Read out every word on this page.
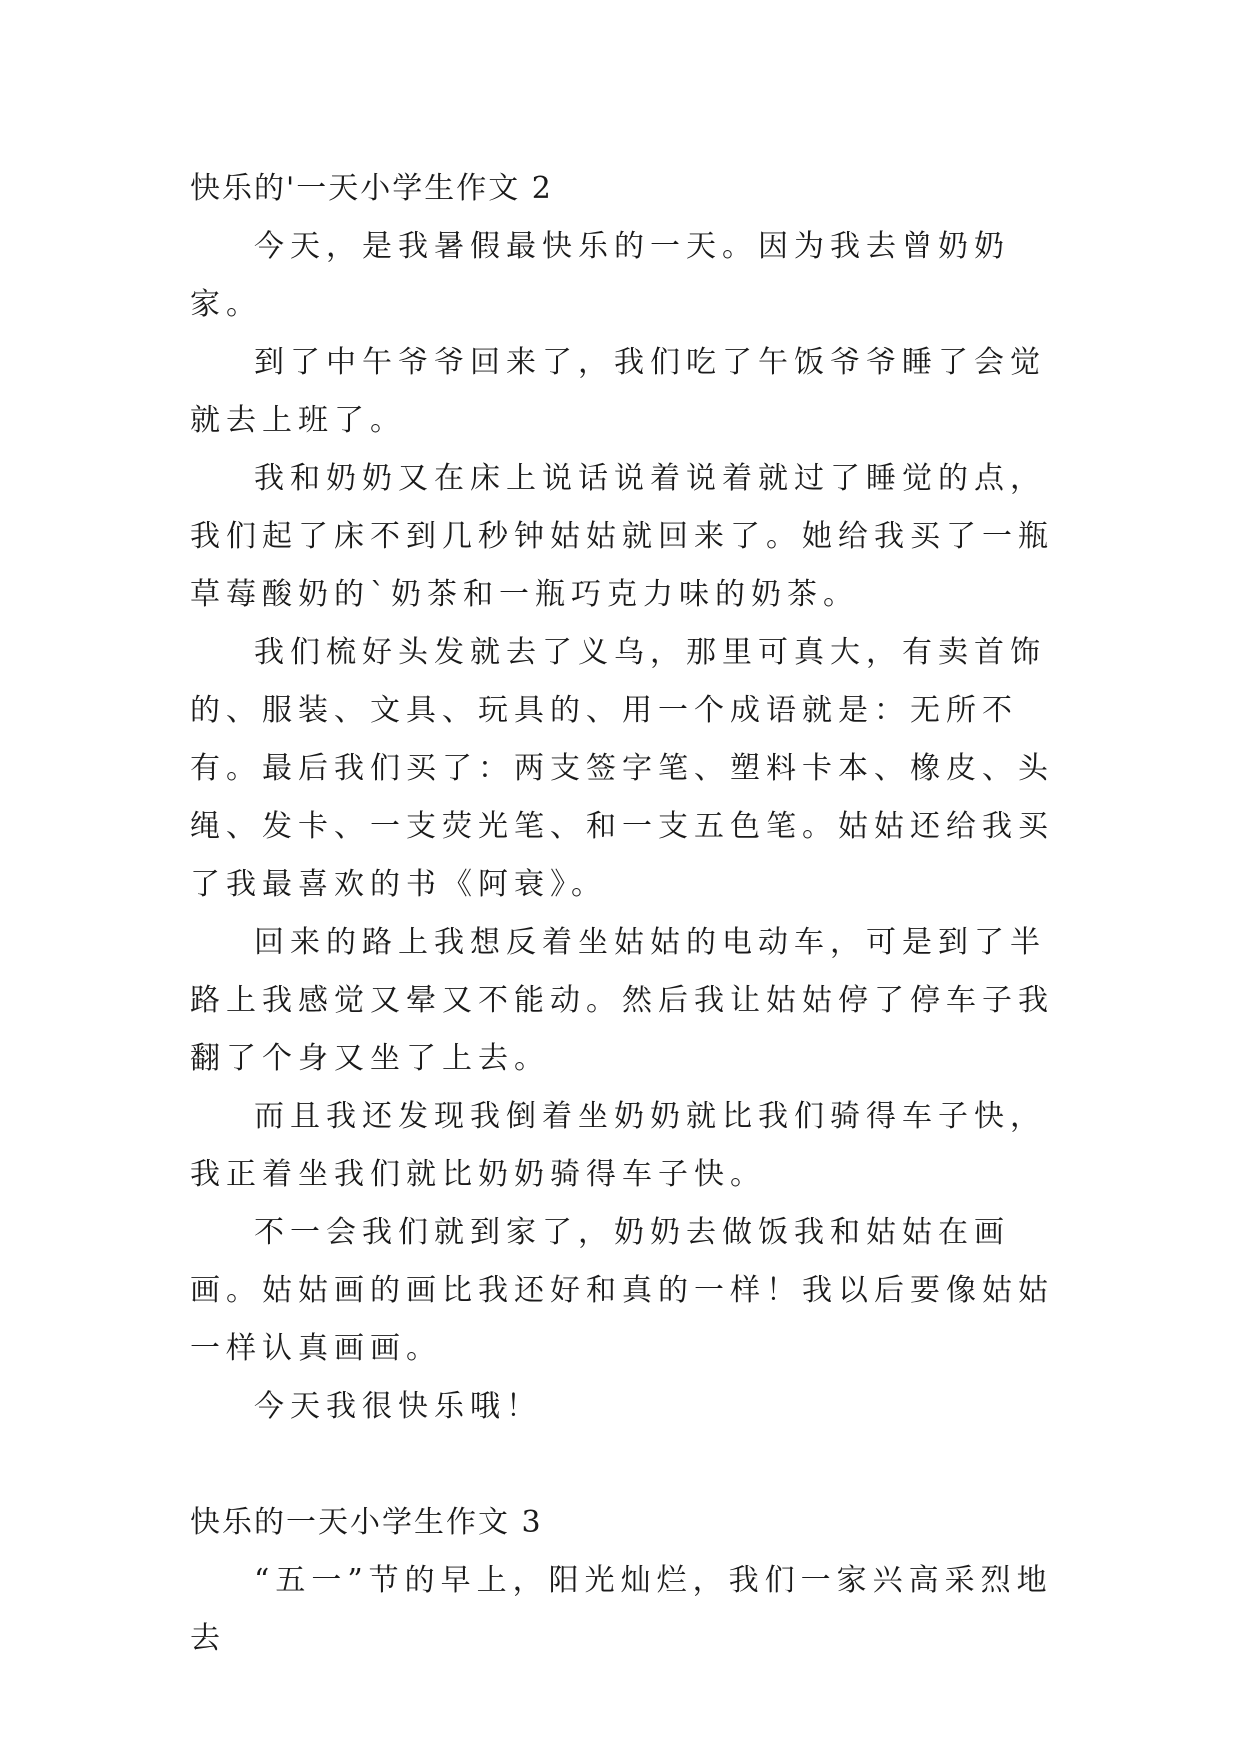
快乐的'一天小学生作文 2

今天，是我暑假最快乐的一天。因为我去曾奶奶家。

到了中午爷爷回来了，我们吃了午饭爷爷睡了会觉就去上班了。

我和奶奶又在床上说话说着说着就过了睡觉的点，我们起了床不到几秒钟姑姑就回来了。她给我买了一瓶草莓酸奶的`奶茶和一瓶巧克力味的奶茶。

我们梳好头发就去了义乌，那里可真大，有卖首饰的、服装、文具、玩具的、用一个成语就是：无所不有。最后我们买了：两支签字笔、塑料卡本、橡皮、头绳、发卡、一支荧光笔、和一支五色笔。姑姑还给我买了我最喜欢的书《阿衰》。

回来的路上我想反着坐姑姑的电动车，可是到了半路上我感觉又晕又不能动。然后我让姑姑停了停车子我翻了个身又坐了上去。

而且我还发现我倒着坐奶奶就比我们骑得车子快，我正着坐我们就比奶奶骑得车子快。

不一会我们就到家了，奶奶去做饭我和姑姑在画画。姑姑画的画比我还好和真的一样！我以后要像姑姑一样认真画画。

今天我很快乐哦！

快乐的一天小学生作文 3

“五一”节的早上，阳光灿烂，我们一家兴高采烈地去
